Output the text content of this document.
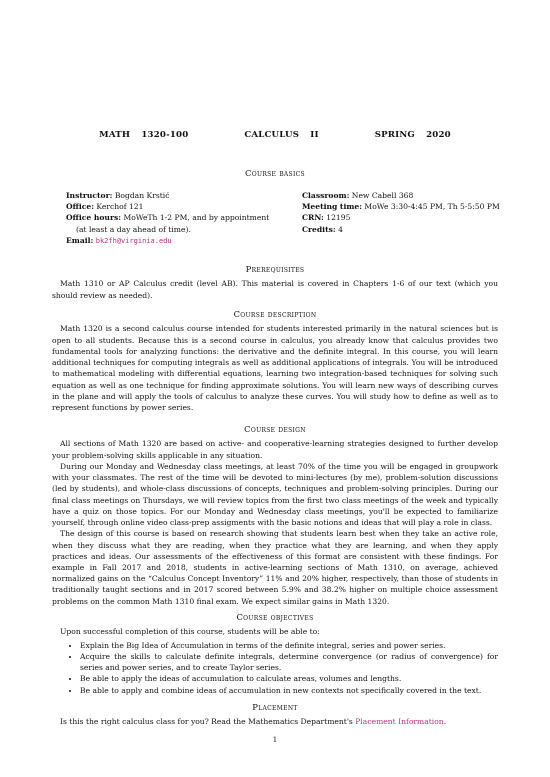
MATH 1320-100     CALCULUS II     SPRING 2020
Course basics
Instructor: Bogdan Krstić
Office: Kerchof 121
Office hours: MoWeTh 1-2 PM, and by appointment (at least a day ahead of time).
Email: bk2fh@virginia.edu
Classroom: New Cabell 368
Meeting time: MoWe 3:30-4:45 PM, Th 5-5:50 PM
CRN: 12195
Credits: 4
Prerequisites

Math 1310 or AP Calculus credit (level AB). This material is covered in Chapters 1-6 of our text (which you should review as needed).

Course description

Math 1320 is a second calculus course intended for students interested primarily in the natural sciences but is open to all students. Because this is a second course in calculus, you already know that calculus provides two fundamental tools for analyzing functions: the derivative and the definite integral. In this course, you will learn additional techniques for computing integrals as well as additional applications of integrals. You will be introduced to mathematical modeling with differential equations, learning two integration-based techniques for solving such equation as well as one technique for finding approximate solutions. You will learn new ways of describing curves in the plane and will apply the tools of calculus to analyze these curves. You will study how to define as well as to represent functions by power series.

Course design

All sections of Math 1320 are based on active- and cooperative-learning strategies designed to further develop your problem-solving skills applicable in any situation.

During our Monday and Wednesday class meetings, at least 70% of the time you will be engaged in groupwork with your classmates. The rest of the time will be devoted to mini-lectures (by me), problem-solution discussions (led by students), and whole-class discussions of concepts, techniques and problem-solving principles. During our final class meetings on Thursdays, we will review topics from the first two class meetings of the week and typically have a quiz on those topics. For our Monday and Wednesday class meetings, you'll be expected to familiarize yourself, through online video class-prep assigments with the basic notions and ideas that will play a role in class.

The design of this course is based on research showing that students learn best when they take an active role, when they discuss what they are reading, when they practice what they are learning, and when they apply practices and ideas. Our assessments of the effectiveness of this format are consistent with these findings. For example in Fall 2017 and 2018, students in active-learning sections of Math 1310, on average, achieved normalized gains on the “Calculus Concept Inventory” 11% and 20% higher, respectively, than those of students in traditionally taught sections and in 2017 scored between 5.9% and 38.2% higher on multiple choice assessment problems on the common Math 1310 final exam. We expect similar gains in Math 1320.

Course objectives

Upon successful completion of this course, students will be able to:

• Explain the Big Idea of Accumulation in terms of the definite integral, series and power series.
• Acquire the skills to calculate definite integrals, determine convergence (or radius of convergence) for series and power series, and to create Taylor series.
• Be able to apply the ideas of accumulation to calculate areas, volumes and lengths.
• Be able to apply and combine ideas of accumulation in new contexts not specifically covered in the text.
Placement

Is this the right calculus class for you? Read the Mathematics Department's Placement Information.

1
